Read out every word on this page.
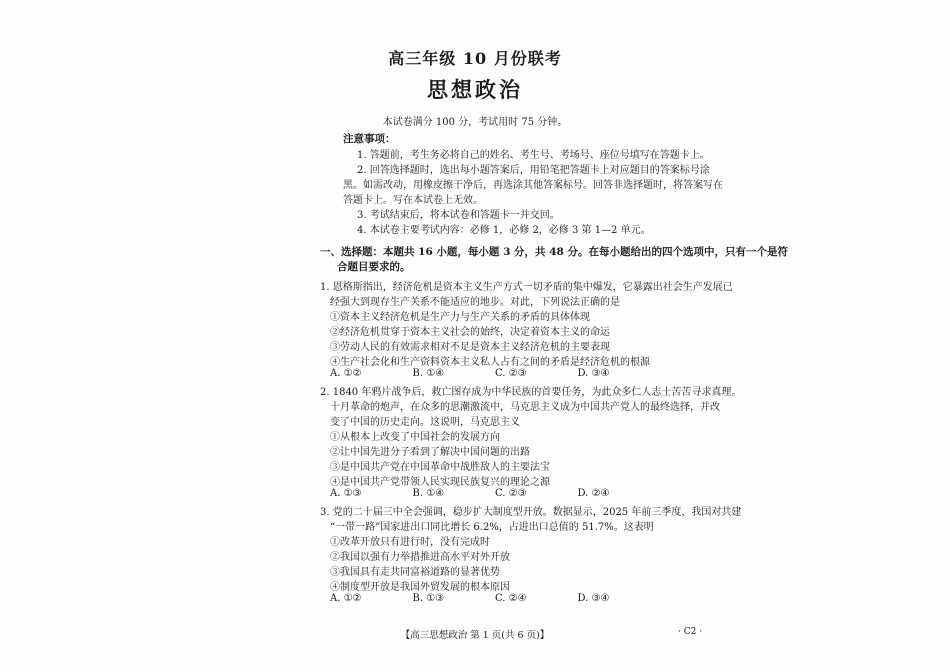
高三年级 10 月份联考
思想政治
本试卷满分 100 分，考试用时 75 分钟。
注意事项：
1. 答题前，考生务必将自己的姓名、考生号、考场号、座位号填写在答题卡上。
2. 回答选择题时，选出每小题答案后，用铅笔把答题卡上对应题目的答案标号涂
黑。如需改动，用橡皮擦干净后，再选涂其他答案标号。回答非选择题时，将答案写在
答题卡上。写在本试卷上无效。
3. 考试结束后，将本试卷和答题卡一并交回。
4. 本试卷主要考试内容：必修 1，必修 2，必修 3 第 1—2 单元。
一、选择题：本题共 16 小题，每小题 3 分，共 48 分。在每小题给出的四个选项中，只有一个是符
合题目要求的。
1. 恩格斯指出，经济危机是资本主义生产方式一切矛盾的集中爆发，它暴露出社会生产发展已
经强大到现存生产关系不能适应的地步。对此，下列说法正确的是
①资本主义经济危机是生产力与生产关系的矛盾的具体体现
②经济危机贯穿于资本主义社会的始终，决定着资本主义的命运
③劳动人民的有效需求相对不足是资本主义经济危机的主要表现
④生产社会化和生产资料资本主义私人占有之间的矛盾是经济危机的根源
A. ①②	B. ①④	C. ②③	D. ③④
2. 1840 年鸦片战争后，救亡图存成为中华民族的首要任务，为此众多仁人志士苦苦寻求真理。
十月革命的炮声，在众多的思潮激流中，马克思主义成为中国共产党人的最终选择，并改
变了中国的历史走向。这说明，马克思主义
①从根本上改变了中国社会的发展方向
②让中国先进分子看到了解决中国问题的出路
③是中国共产党在中国革命中战胜敌人的主要法宝
④是中国共产党带领人民实现民族复兴的理论之源
A. ①③	B. ①④	C. ②③	D. ②④
3. 党的二十届三中全会强调，稳步扩大制度型开放。数据显示，2025 年前三季度，我国对共建
“一带一路”国家进出口同比增长 6.2%，占进出口总值的 51.7%。这表明
①改革开放只有进行时，没有完成时
②我国以强有力举措推进高水平对外开放
③我国具有走共同富裕道路的显著优势
④制度型开放是我国外贸发展的根本原因
A. ①②	B. ①③	C. ②④	D. ③④
【高三思想政治 第 1 页(共 6 页)】	· C2 ·
